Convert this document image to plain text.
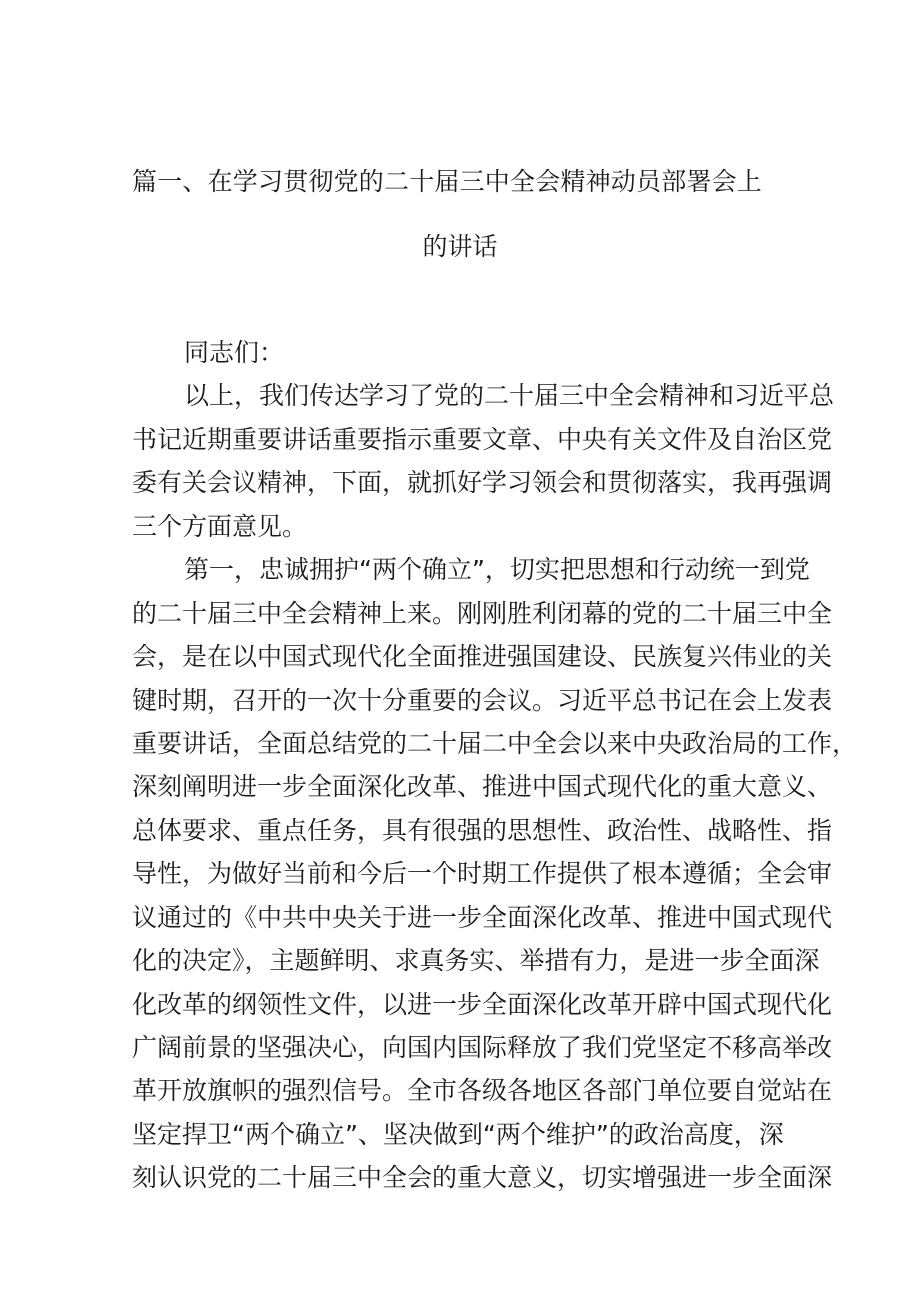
篇一、在学习贯彻党的二十届三中全会精神动员部署会上
的讲话
同志们：
以上，我们传达学习了党的二十届三中全会精神和习近平总
书记近期重要讲话重要指示重要文章、中央有关文件及自治区党
委有关会议精神，下面，就抓好学习领会和贯彻落实，我再强调
三个方面意见。
第一，忠诚拥护“两个确立”，切实把思想和行动统一到党
的二十届三中全会精神上来。刚刚胜利闭幕的党的二十届三中全
会，是在以中国式现代化全面推进强国建设、民族复兴伟业的关
键时期，召开的一次十分重要的会议。习近平总书记在会上发表
重要讲话，全面总结党的二十届二中全会以来中央政治局的工作，
深刻阐明进一步全面深化改革、推进中国式现代化的重大意义、
总体要求、重点任务，具有很强的思想性、政治性、战略性、指
导性，为做好当前和今后一个时期工作提供了根本遵循；全会审
议通过的《中共中央关于进一步全面深化改革、推进中国式现代
化的决定》，主题鲜明、求真务实、举措有力，是进一步全面深
化改革的纲领性文件，以进一步全面深化改革开辟中国式现代化
广阔前景的坚强决心，向国内国际释放了我们党坚定不移高举改
革开放旗帜的强烈信号。全市各级各地区各部门单位要自觉站在
坚定捍卫“两个确立”、坚决做到“两个维护”的政治高度，深
刻认识党的二十届三中全会的重大意义，切实增强进一步全面深
